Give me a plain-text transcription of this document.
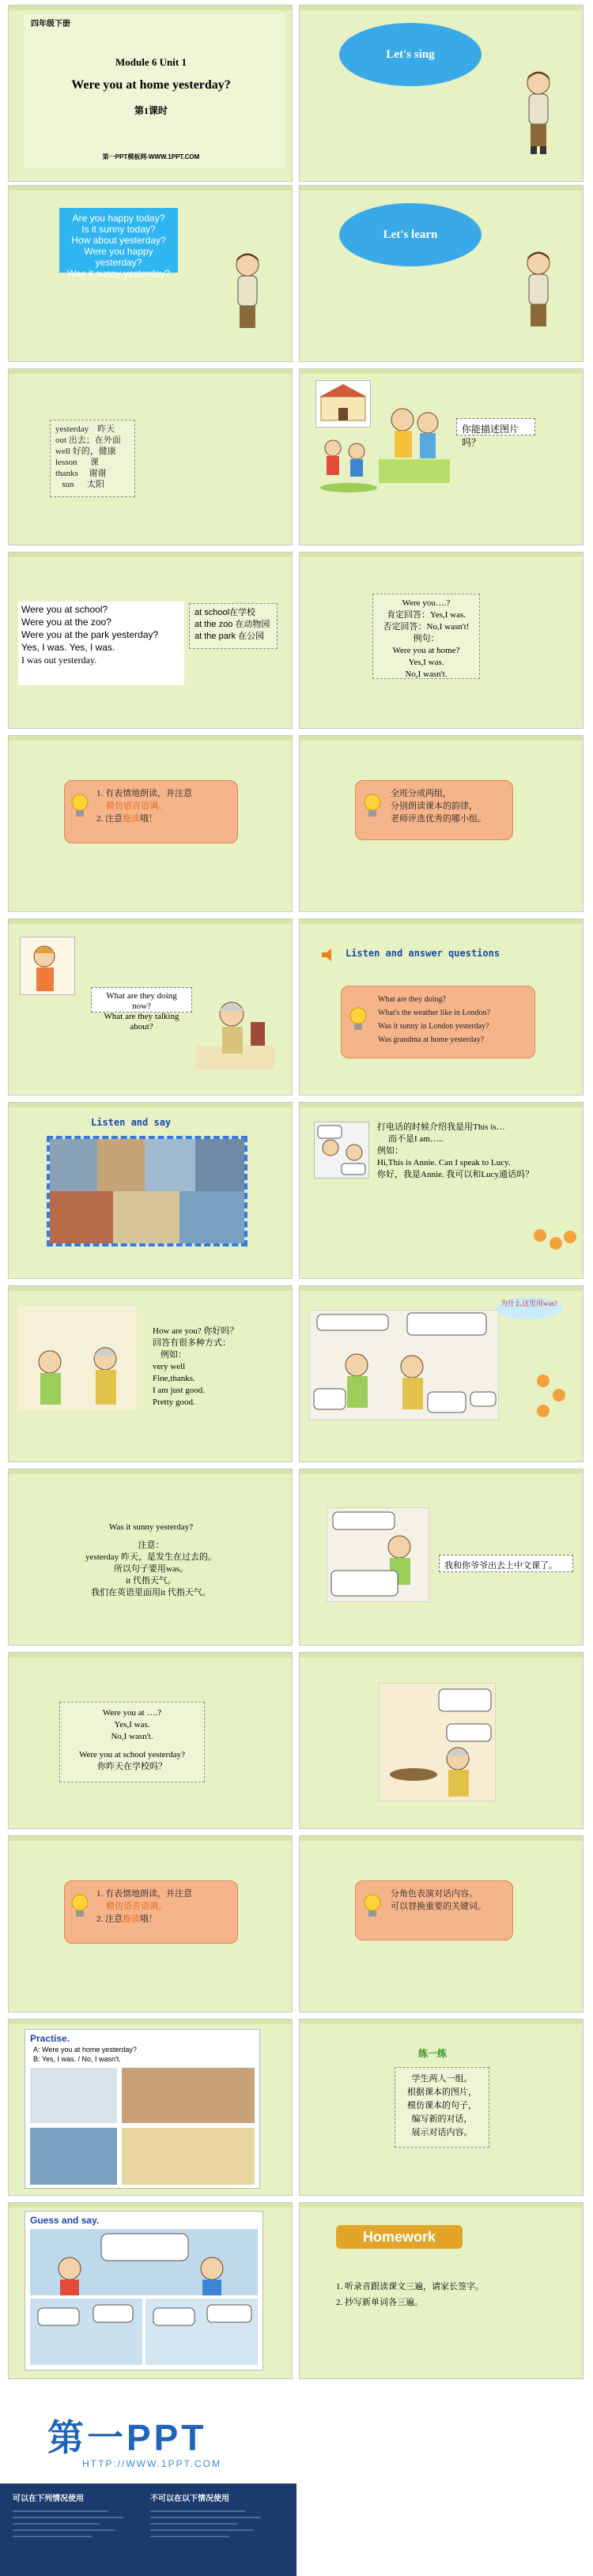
四年级下册
Module 6 Unit 1
Were you at home yesterday?
第1课时
第一PPT模板网-WWW.1PPT.COM
Let's sing
Are you happy today?
Is it sunny today?
How about yesterday?
Were you happy yesterday?
Was it sunny yesterday?
Let's learn
yesterday 昨天
out 出去；在外面
well 好的，健康
lesson 课
thanks 谢谢
sun 太阳
你能描述图片吗？
Were you at school?
Were you at the zoo?
Were you at the park yesterday?
Yes, I was. Yes, I was.
I was out yesterday.
at school在学校
at the zoo 在动物园
at the park 在公园
Were you….?
肯定回答：Yes,I was.
否定回答：No,I wasn't!
例句：
Were you at home?
Yes,I was.
No,I wasn't.
1. 有表情地朗读，并注意
模仿语音语调。
2. 注意拖读哦！
全班分成两组，
分别朗读课本的韵律，
老师评选优秀的哪小组。
What are they doing now?
What are they talking about?
Listen and answer questions
What are they doing?
What's the weather like in London?
Was it sunny in London yesterday?
Was grandma at home yesterday?
Listen and say	打电话的时候介绍我是用This is…
而不是I am…..
例如：
Hi,This is Annie. Can I speak to Lucy.
你好，我是Annie. 我可以和Lucy通话吗？
How are you? 你好吗？
回答有很多种方式：
例如：
very well
Fine,thanks.
I am just good.
Pretty good.
为什么这里用was?
Was it sunny yesterday?
注意：
yesterday 昨天，是发生在过去的。
所以句子要用was。
it 代指天气。
我们在英语里面用it 代指天气。
我和你爷爷出去上中文课了。
Were you at ….?
Yes,I was.
No,I wasn't.
Were you at school yesterday?
你昨天在学校吗？
1. 有表情地朗读，并注意
模仿语音语调。
2. 注意拖读哦！
分角色表演对话内容。
可以替换重要的关键词。
Practise.
A: Were you at home yesterday?
B: Yes, I was. / No, I wasn't.	练一练
学生两人一组。
根据课本的图片，
模仿课本的句子，
编写新的对话，
展示对话内容。
Guess and say.
Homework
1. 听录音跟读课文三遍，请家长签字。
2. 抄写新单词各三遍。
第一PPT
HTTP://WWW.1PPT.COM
可以在下列情况使用	不可以在以下情况使用
